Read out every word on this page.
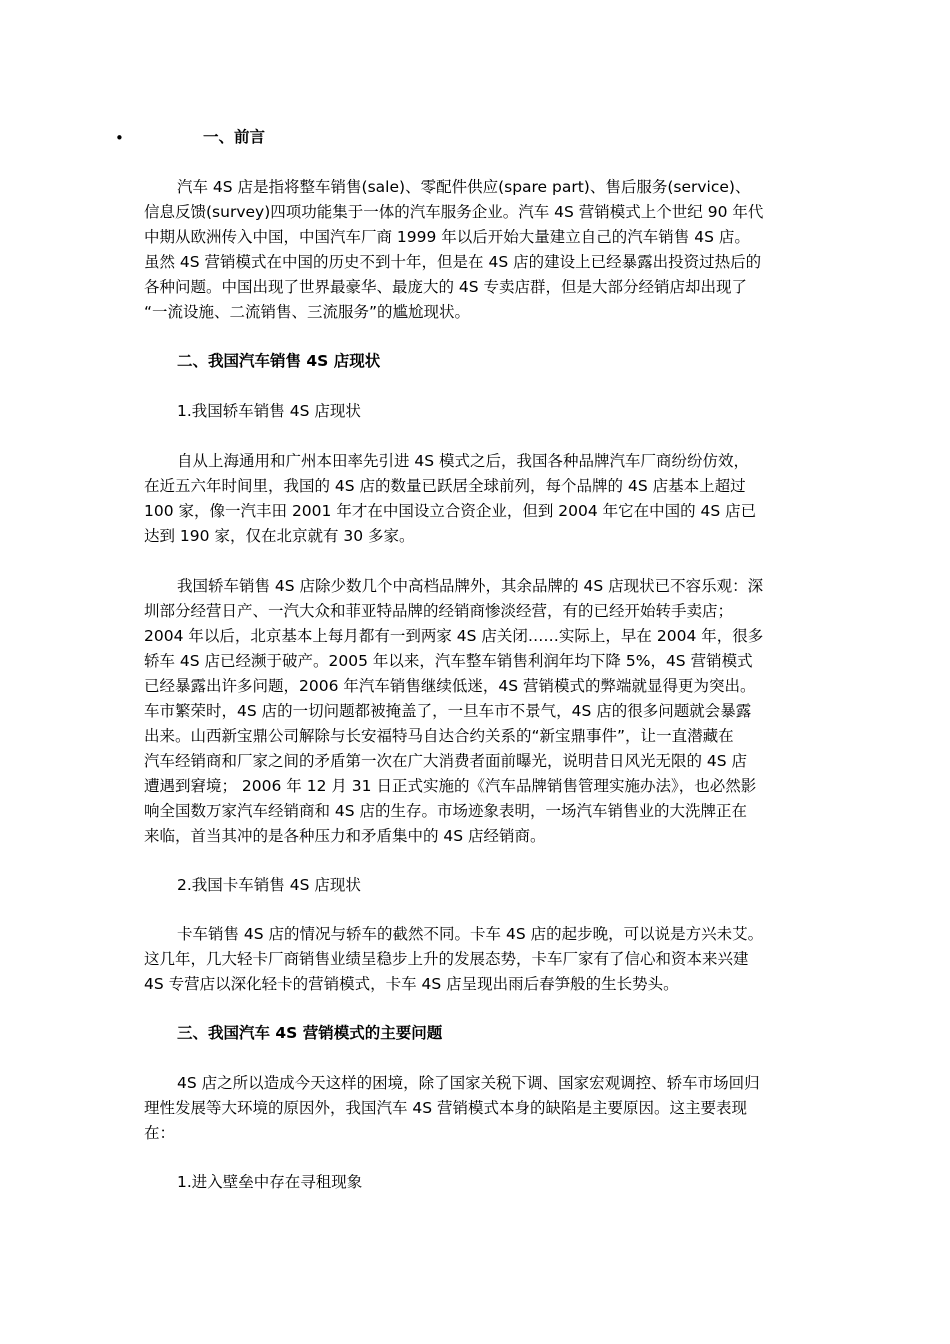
•	一、前言
汽车 4S 店是指将整车销售(sale)、零配件供应(spare part)、售后服务(service)、
信息反馈(survey)四项功能集于一体的汽车服务企业。汽车 4S 营销模式上个世纪 90 年代
中期从欧洲传入中国，中国汽车厂商 1999 年以后开始大量建立自己的汽车销售 4S 店。
虽然 4S 营销模式在中国的历史不到十年，但是在 4S 店的建设上已经暴露出投资过热后的
各种问题。中国出现了世界最豪华、最庞大的 4S 专卖店群，但是大部分经销店却出现了
“一流设施、二流销售、三流服务”的尴尬现状。
二、我国汽车销售 4S 店现状
1.我国轿车销售 4S 店现状
自从上海通用和广州本田率先引进 4S 模式之后，我国各种品牌汽车厂商纷纷仿效，
在近五六年时间里，我国的 4S 店的数量已跃居全球前列，每个品牌的 4S 店基本上超过
100 家，像一汽丰田 2001 年才在中国设立合资企业，但到 2004 年它在中国的 4S 店已
达到 190 家，仅在北京就有 30 多家。
我国轿车销售 4S 店除少数几个中高档品牌外，其余品牌的 4S 店现状已不容乐观：深
圳部分经营日产、一汽大众和菲亚特品牌的经销商惨淡经营，有的已经开始转手卖店；
2004 年以后，北京基本上每月都有一到两家 4S 店关闭……实际上，早在 2004 年，很多
轿车 4S 店已经濒于破产。2005 年以来，汽车整车销售利润年均下降 5%，4S 营销模式
已经暴露出许多问题，2006 年汽车销售继续低迷，4S 营销模式的弊端就显得更为突出。
车市繁荣时，4S 店的一切问题都被掩盖了，一旦车市不景气，4S 店的很多问题就会暴露
出来。山西新宝鼎公司解除与长安福特马自达合约关系的“新宝鼎事件”，让一直潜藏在
汽车经销商和厂家之间的矛盾第一次在广大消费者面前曝光，说明昔日风光无限的 4S 店
遭遇到窘境； 2006 年 12 月 31 日正式实施的《汽车品牌销售管理实施办法》，也必然影
响全国数万家汽车经销商和 4S 店的生存。市场迹象表明，一场汽车销售业的大洗牌正在
来临，首当其冲的是各种压力和矛盾集中的 4S 店经销商。
2.我国卡车销售 4S 店现状
卡车销售 4S 店的情况与轿车的截然不同。卡车 4S 店的起步晚，可以说是方兴未艾。
这几年，几大轻卡厂商销售业绩呈稳步上升的发展态势，卡车厂家有了信心和资本来兴建
4S 专营店以深化轻卡的营销模式，卡车 4S 店呈现出雨后春笋般的生长势头。
三、我国汽车 4S 营销模式的主要问题
4S 店之所以造成今天这样的困境，除了国家关税下调、国家宏观调控、轿车市场回归
理性发展等大环境的原因外，我国汽车 4S 营销模式本身的缺陷是主要原因。这主要表现
在：
1.进入壁垒中存在寻租现象
